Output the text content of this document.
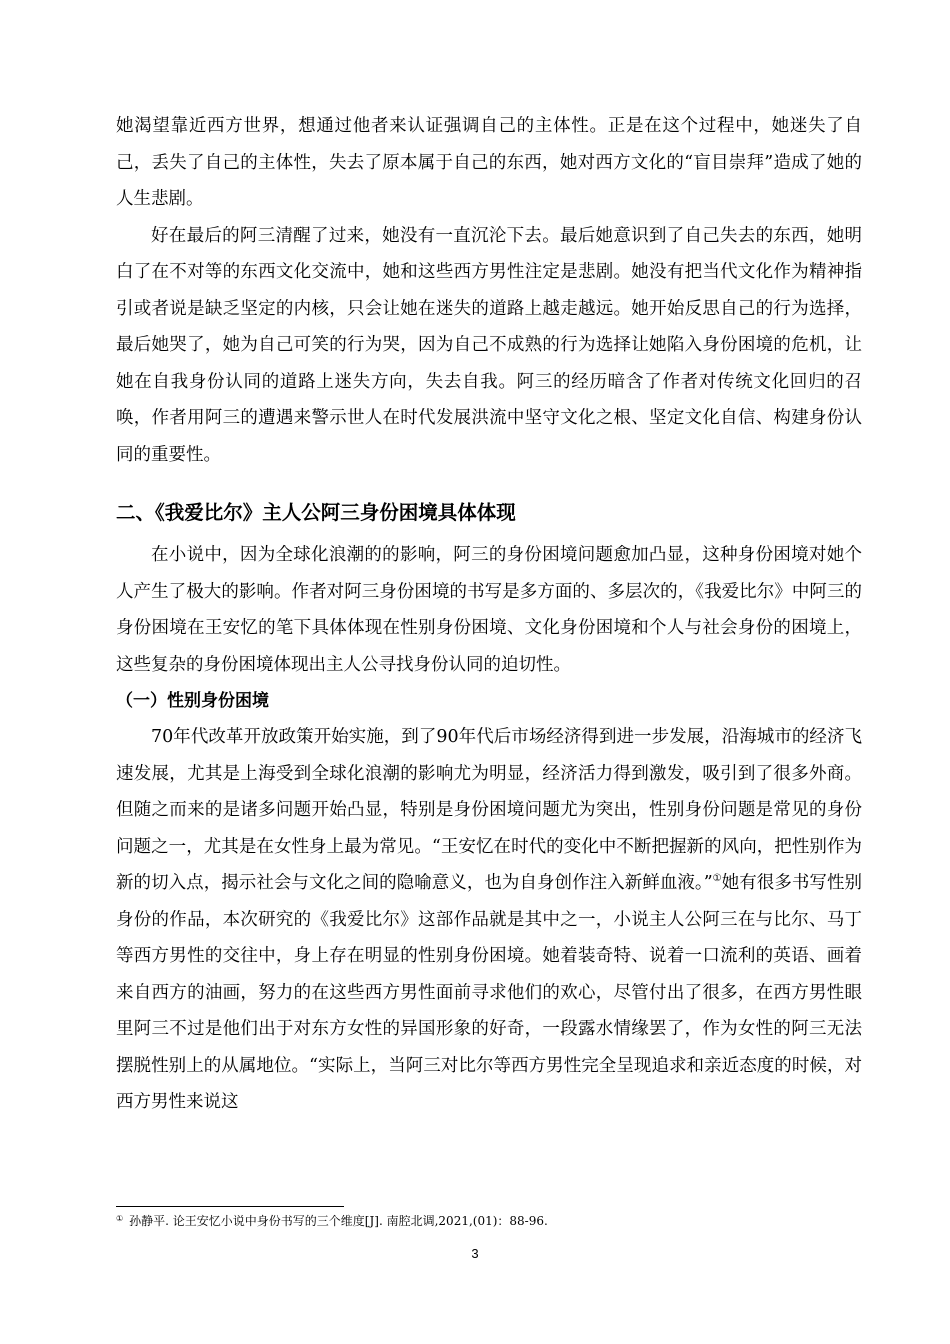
她渴望靠近西方世界，想通过他者来认证强调自己的主体性。正是在这个过程中，她迷失了自己，丢失了自己的主体性，失去了原本属于自己的东西，她对西方文化的“盲目崇拜”造成了她的人生悲剧。

好在最后的阿三清醒了过来，她没有一直沉沦下去。最后她意识到了自己失去的东西，她明白了在不对等的东西文化交流中，她和这些西方男性注定是悲剧。她没有把当代文化作为精神指引或者说是缺乏坚定的内核，只会让她在迷失的道路上越走越远。她开始反思自己的行为选择，最后她哭了，她为自己可笑的行为哭，因为自己不成熟的行为选择让她陷入身份困境的危机，让她在自我身份认同的道路上迷失方向，失去自我。阿三的经历暗含了作者对传统文化回归的召唤，作者用阿三的遭遇来警示世人在时代发展洪流中坚守文化之根、坚定文化自信、构建身份认同的重要性。

二、《我爱比尔》主人公阿三身份困境具体体现

在小说中，因为全球化浪潮的的影响，阿三的身份困境问题愈加凸显，这种身份困境对她个人产生了极大的影响。作者对阿三身份困境的书写是多方面的、多层次的，《我爱比尔》中阿三的身份困境在王安忆的笔下具体体现在性别身份困境、文化身份困境和个人与社会身份的困境上，这些复杂的身份困境体现出主人公寻找身份认同的迫切性。

（一）性别身份困境

70年代改革开放政策开始实施，到了90年代后市场经济得到进一步发展，沿海城市的经济飞速发展，尤其是上海受到全球化浪潮的影响尤为明显，经济活力得到激发，吸引到了很多外商。但随之而来的是诸多问题开始凸显，特别是身份困境问题尤为突出，性别身份问题是常见的身份问题之一，尤其是在女性身上最为常见。“王安忆在时代的变化中不断把握新的风向，把性别作为新的切入点，揭示社会与文化之间的隐喻意义，也为自身创作注入新鲜血液。”①她有很多书写性别身份的作品，本次研究的《我爱比尔》这部作品就是其中之一，小说主人公阿三在与比尔、马丁等西方男性的交往中，身上存在明显的性别身份困境。她着装奇特、说着一口流利的英语、画着来自西方的油画，努力的在这些西方男性面前寻求他们的欢心，尽管付出了很多，在西方男性眼里阿三不过是他们出于对东方女性的异国形象的好奇，一段露水情缘罢了，作为女性的阿三无法摆脱性别上的从属地位。“实际上，当阿三对比尔等西方男性完全呈现追求和亲近态度的时候，对西方男性来说这

① 孙静平. 论王安忆小说中身份书写的三个维度[J]. 南腔北调,2021,(01)：88-96.
3
